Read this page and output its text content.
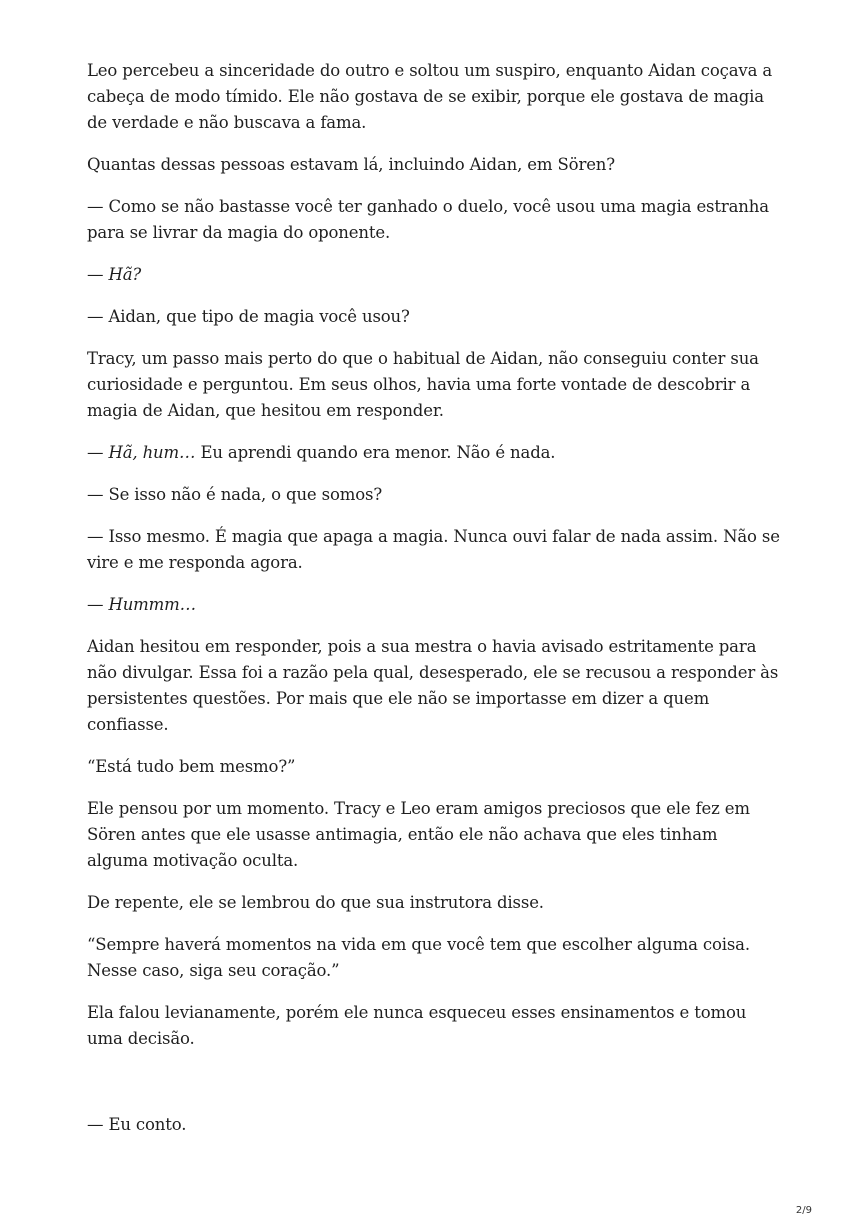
Leo percebeu a sinceridade do outro e soltou um suspiro, enquanto Aidan coçava a cabeça de modo tímido. Ele não gostava de se exibir, porque ele gostava de magia de verdade e não buscava a fama.

Quantas dessas pessoas estavam lá, incluindo Aidan, em Sören?

— Como se não bastasse você ter ganhado o duelo, você usou uma magia estranha para se livrar da magia do oponente.

— Hã?

— Aidan, que tipo de magia você usou?

Tracy, um passo mais perto do que o habitual de Aidan, não conseguiu conter sua curiosidade e perguntou. Em seus olhos, havia uma forte vontade de descobrir a magia de Aidan, que hesitou em responder.

— Hã, hum… Eu aprendi quando era menor. Não é nada.

— Se isso não é nada, o que somos?

— Isso mesmo. É magia que apaga a magia. Nunca ouvi falar de nada assim. Não se vire e me responda agora.

— Hummm…

Aidan hesitou em responder, pois a sua mestra o havia avisado estritamente para não divulgar. Essa foi a razão pela qual, desesperado, ele se recusou a responder às persistentes questões. Por mais que ele não se importasse em dizer a quem confiasse.

“Está tudo bem mesmo?”

Ele pensou por um momento. Tracy e Leo eram amigos preciosos que ele fez em Sören antes que ele usasse antimagia, então ele não achava que eles tinham alguma motivação oculta.

De repente, ele se lembrou do que sua instrutora disse.

“Sempre haverá momentos na vida em que você tem que escolher alguma coisa. Nesse caso, siga seu coração.”

Ela falou levianamente, porém ele nunca esqueceu esses ensinamentos e tomou uma decisão.

— Eu conto.

2/9
